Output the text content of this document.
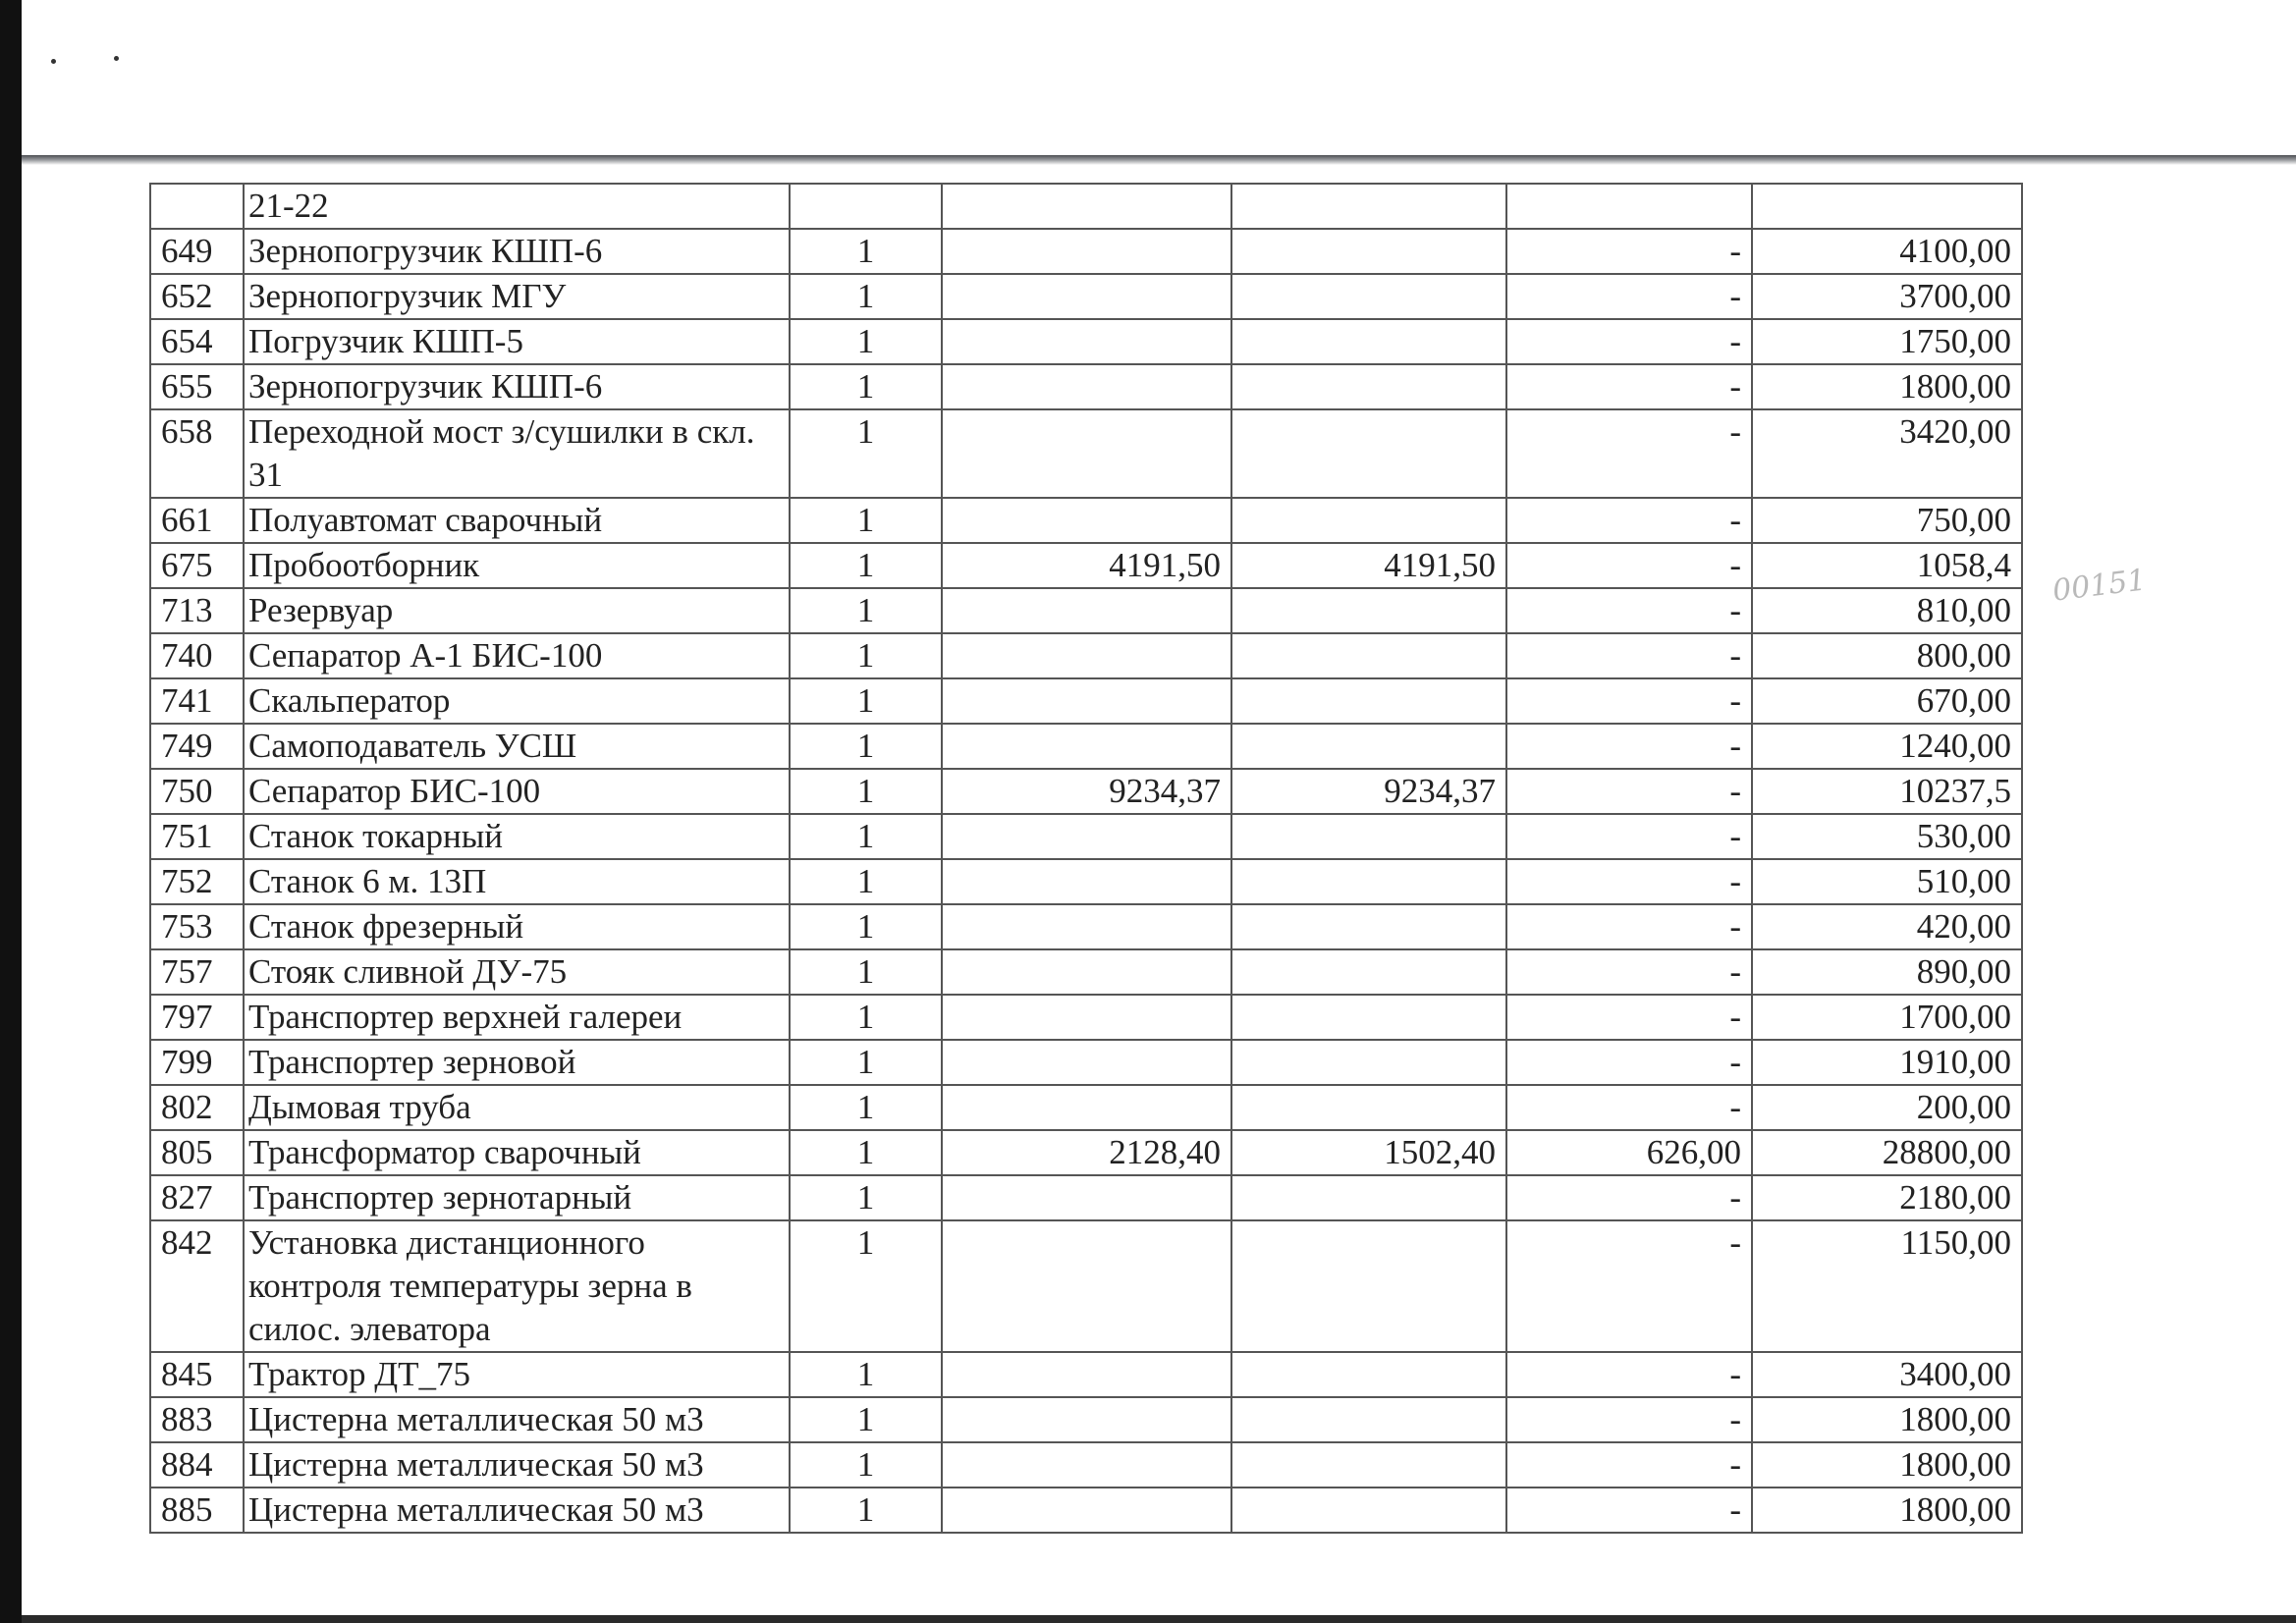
	21-22					
649	Зернопогрузчик КШП-6	1			-	4100,00
652	Зернопогрузчик МГУ	1			-	3700,00
654	Погрузчик КШП-5	1			-	1750,00
655	Зернопогрузчик КШП-6	1			-	1800,00
658	Переходной мост з/сушилки в скл. 31	1			-	3420,00
661	Полуавтомат сварочный	1			-	750,00
675	Пробоотборник	1	4191,50	4191,50	-	1058,4
713	Резервуар	1			-	810,00
740	Сепаратор А-1 БИС-100	1			-	800,00
741	Скальператор	1			-	670,00
749	Самоподаватель УСШ	1			-	1240,00
750	Сепаратор БИС-100	1	9234,37	9234,37	-	10237,5
751	Станок токарный	1			-	530,00
752	Станок 6 м. 13П	1			-	510,00
753	Станок фрезерный	1			-	420,00
757	Стояк сливной ДУ-75	1			-	890,00
797	Транспортер верхней галереи	1			-	1700,00
799	Транспортер зерновой	1			-	1910,00
802	Дымовая труба	1			-	200,00
805	Трансформатор сварочный	1	2128,40	1502,40	626,00	28800,00
827	Транспортер зернотарный	1			-	2180,00
842	Установка дистанционного контроля температуры зерна в силос. элеватора	1			-	1150,00
845	Трактор ДТ_75	1			-	3400,00
883	Цистерна металлическая 50 м3	1			-	1800,00
884	Цистерна металлическая 50 м3	1			-	1800,00
885	Цистерна металлическая 50 м3	1			-	1800,00
00151
